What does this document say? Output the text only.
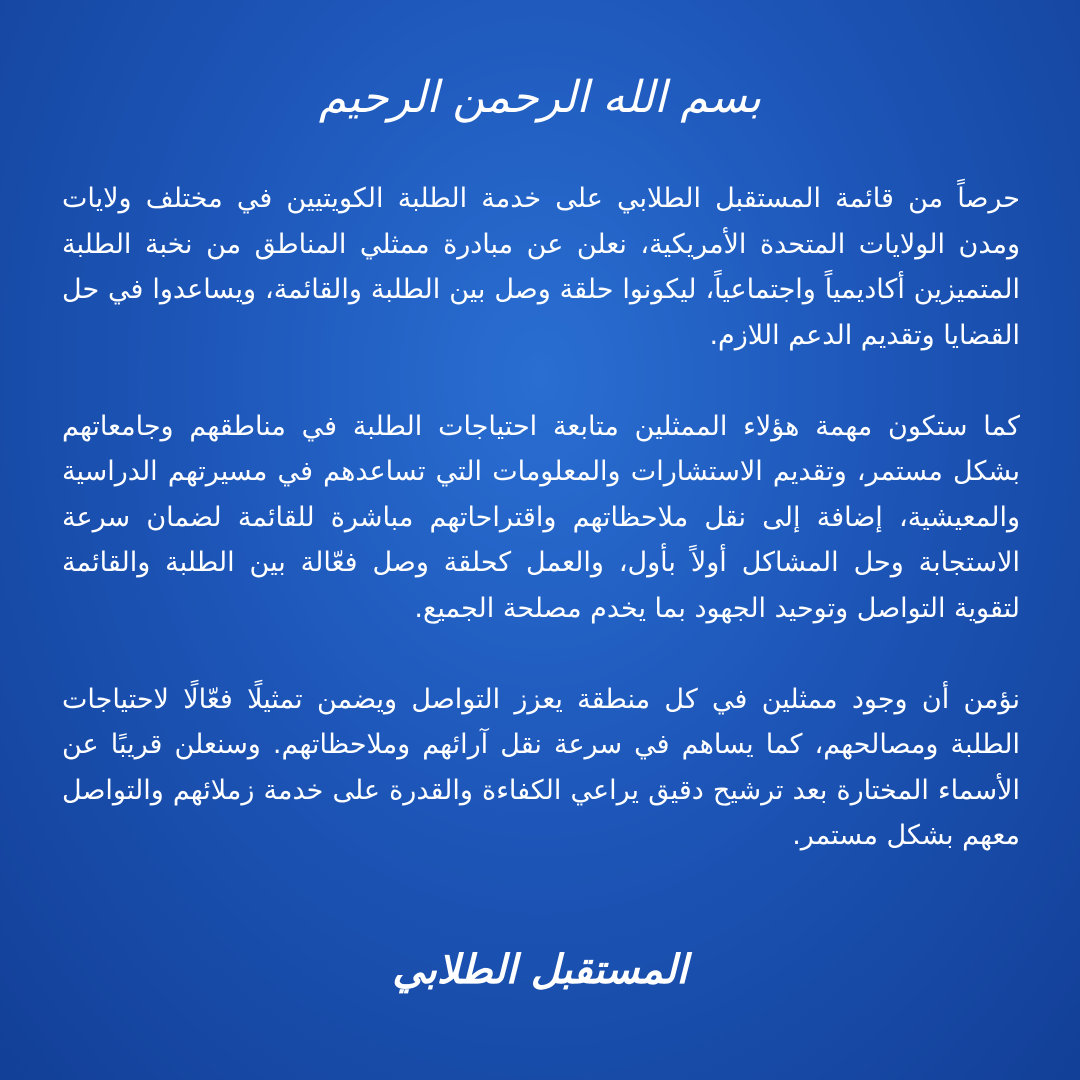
بسم الله الرحمن الرحيم

حرصاً من قائمة المستقبل الطلابي على خدمة الطلبة الكويتيين في مختلف ولايات ومدن الولايات المتحدة الأمريكية، نعلن عن مبادرة ممثلي المناطق من نخبة الطلبة المتميزين أكاديمياً واجتماعياً، ليكونوا حلقة وصل بين الطلبة والقائمة، ويساعدوا في حل القضايا وتقديم الدعم اللازم.

كما ستكون مهمة هؤلاء الممثلين متابعة احتياجات الطلبة في مناطقهم وجامعاتهم بشكل مستمر، وتقديم الاستشارات والمعلومات التي تساعدهم في مسيرتهم الدراسية والمعيشية، إضافة إلى نقل ملاحظاتهم واقتراحاتهم مباشرة للقائمة لضمان سرعة الاستجابة وحل المشاكل أولاً بأول، والعمل كحلقة وصل فعّالة بين الطلبة والقائمة لتقوية التواصل وتوحيد الجهود بما يخدم مصلحة الجميع.

نؤمن أن وجود ممثلين في كل منطقة يعزز التواصل ويضمن تمثيلًا فعّالًا لاحتياجات الطلبة ومصالحهم، كما يساهم في سرعة نقل آرائهم وملاحظاتهم. وسنعلن قريبًا عن الأسماء المختارة بعد ترشيح دقيق يراعي الكفاءة والقدرة على خدمة زملائهم والتواصل معهم بشكل مستمر.

المستقبل الطلابي
